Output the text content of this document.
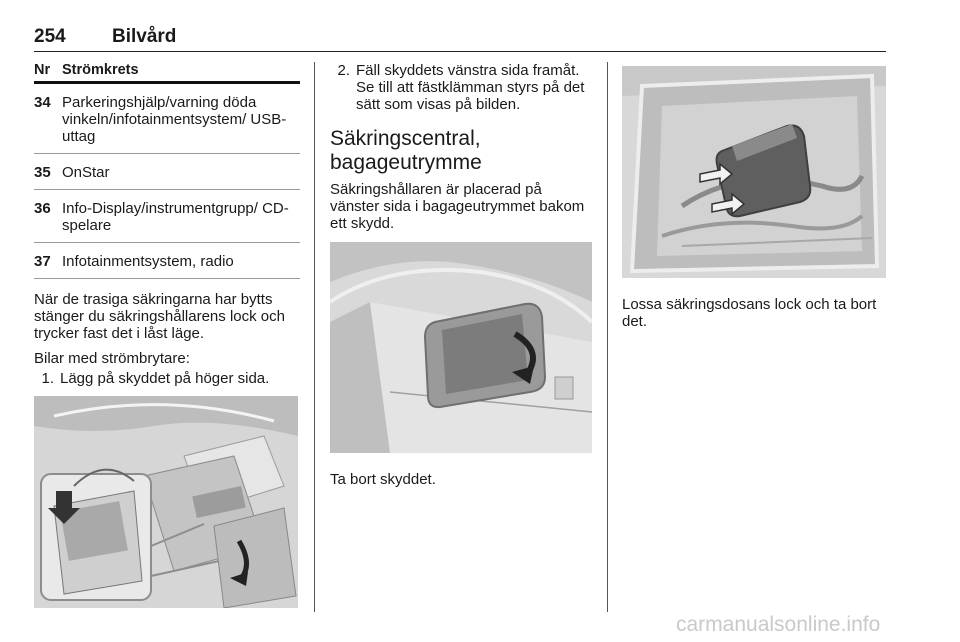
254 Bilvård
Nr Strömkrets
34 Parkeringshjälp/varning döda vinkeln/infotainmentsystem/ USB-uttag
35 OnStar
36 Info-Display/instrumentgrupp/ CD-spelare
37 Infotainmentsystem, radio

När de trasiga säkringarna har bytts stänger du säkringshållarens lock och trycker fast det i låst läge.

Bilar med strömbrytare:

1. Lägg på skyddet på höger sida.
2. Fäll skyddets vänstra sida framåt. Se till att fästklämman styrs på det sätt som visas på bilden.
Säkringscentral, bagageutrymme

Säkringshållaren är placerad på vänster sida i bagageutrymmet bakom ett skydd.

Ta bort skyddet.

Lossa säkringsdosans lock och ta bort det.

carmanualsonline.info
